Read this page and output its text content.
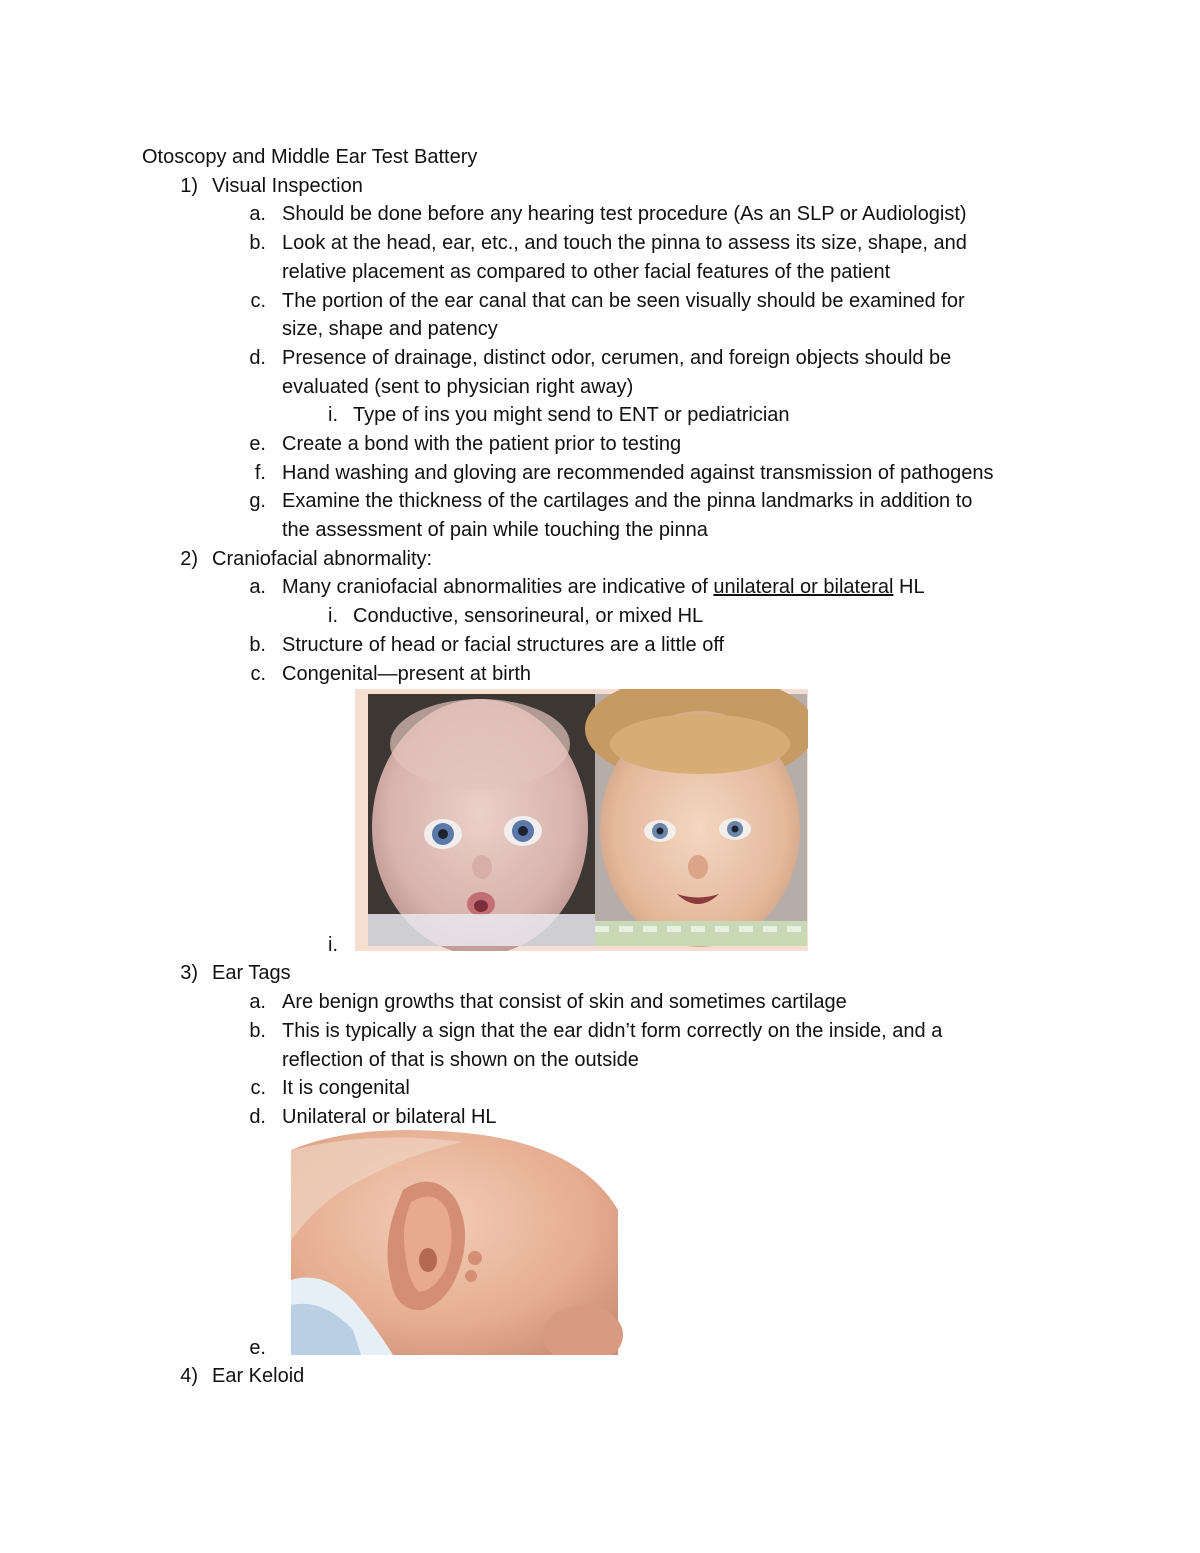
Otoscopy and Middle Ear Test Battery
1) Visual Inspection
a. Should be done before any hearing test procedure (As an SLP or Audiologist)
b. Look at the head, ear, etc., and touch the pinna to assess its size, shape, and
relative placement as compared to other facial features of the patient
c. The portion of the ear canal that can be seen visually should be examined for
size, shape and patency
d. Presence of drainage, distinct odor, cerumen, and foreign objects should be
evaluated (sent to physician right away)
i. Type of ins you might send to ENT or pediatrician
e. Create a bond with the patient prior to testing
f. Hand washing and gloving are recommended against transmission of pathogens
g. Examine the thickness of the cartilages and the pinna landmarks in addition to
the assessment of pain while touching the pinna
2) Craniofacial abnormality:
a. Many craniofacial abnormalities are indicative of unilateral or bilateral HL
i. Conductive, sensorineural, or mixed HL
b. Structure of head or facial structures are a little off
c. Congenital—present at birth
i.
3) Ear Tags
a. Are benign growths that consist of skin and sometimes cartilage
b. This is typically a sign that the ear didn’t form correctly on the inside, and a
reflection of that is shown on the outside
c. It is congenital
d. Unilateral or bilateral HL
e.
4) Ear Keloid
